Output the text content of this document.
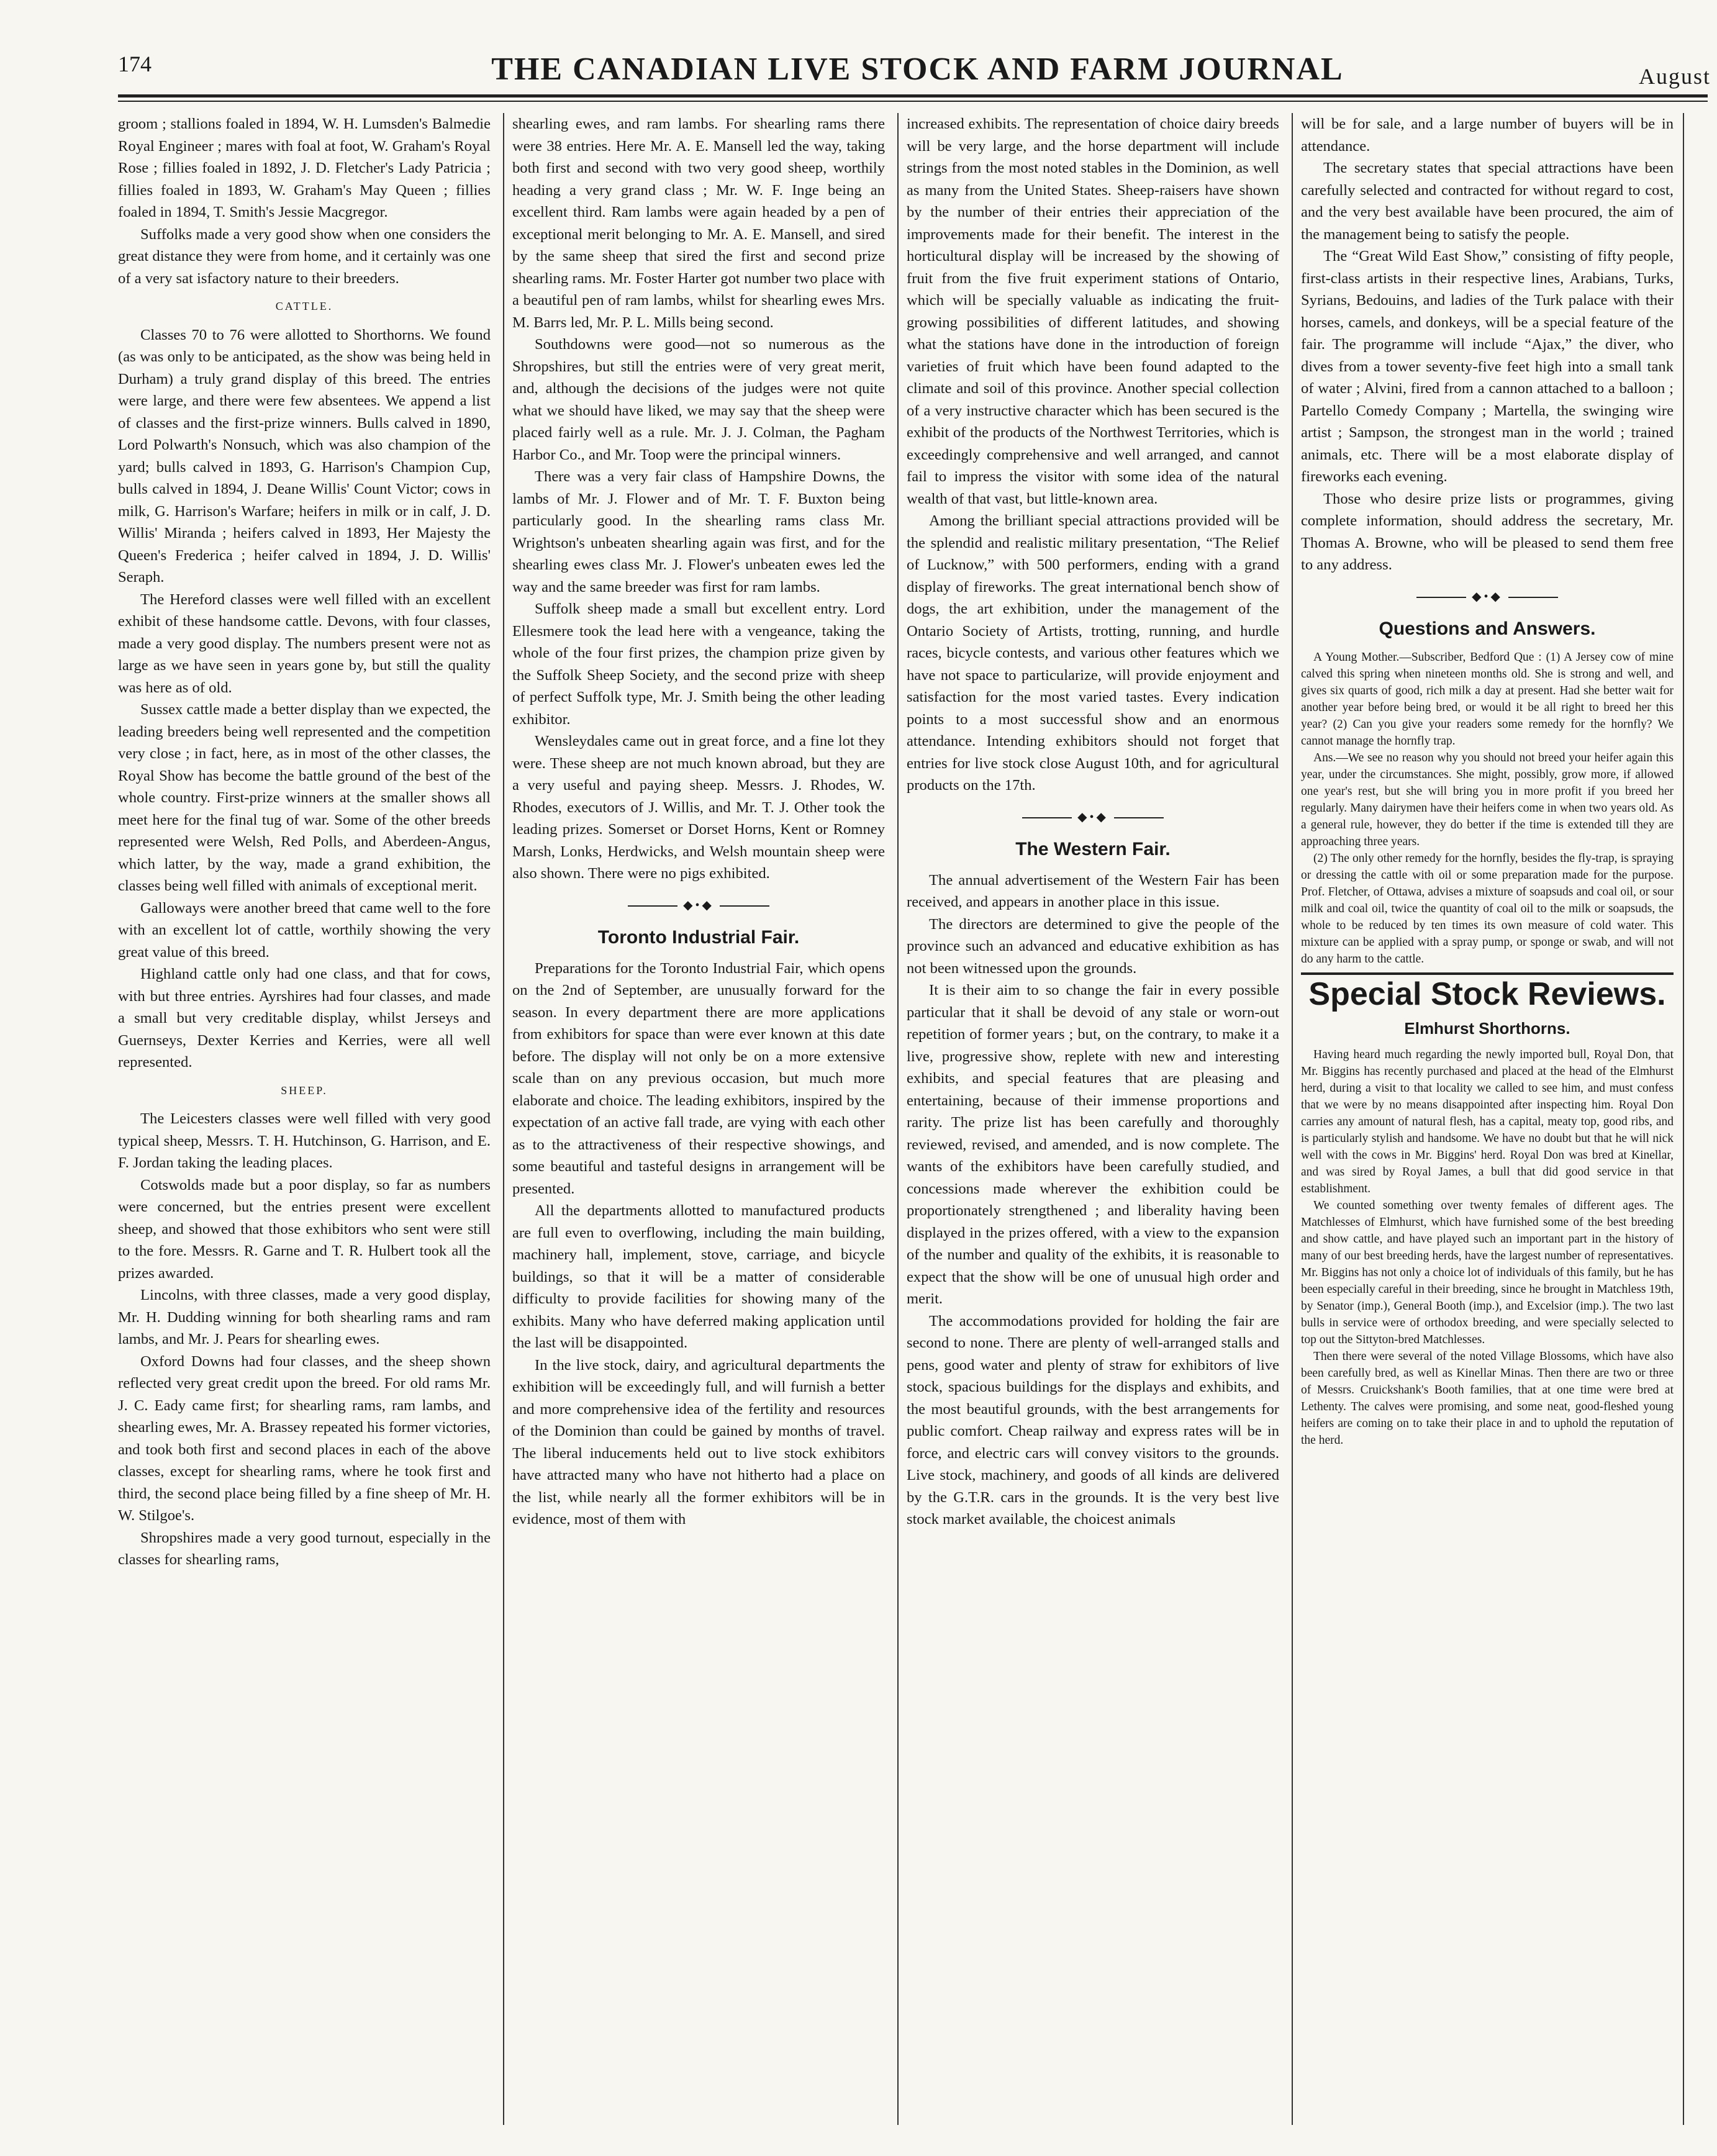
174	THE CANADIAN LIVE STOCK AND FARM JOURNAL	August

groom ; stallions foaled in 1894, W. H. Lumsden's Balmedie Royal Engineer ; mares with foal at foot, W. Graham's Royal Rose ; fillies foaled in 1892, J. D. Fletcher's Lady Patricia ; fillies foaled in 1893, W. Graham's May Queen ; fillies foaled in 1894, T. Smith's Jessie Macgregor.

Suffolks made a very good show when one considers the great distance they were from home, and it certainly was one of a very sat isfactory nature to their breeders.

CATTLE.

Classes 70 to 76 were allotted to Shorthorns. We found (as was only to be anticipated, as the show was being held in Durham) a truly grand display of this breed. The entries were large, and there were few absentees. We append a list of classes and the first-prize winners. Bulls calved in 1890, Lord Polwarth's Nonsuch, which was also champion of the yard; bulls calved in 1893, G. Harrison's Champion Cup, bulls calved in 1894, J. Deane Willis' Count Victor; cows in milk, G. Harrison's Warfare; heifers in milk or in calf, J. D. Willis' Miranda ; heifers calved in 1893, Her Majesty the Queen's Frederica ; heifer calved in 1894, J. D. Willis' Seraph.

The Hereford classes were well filled with an excellent exhibit of these handsome cattle. Devons, with four classes, made a very good display. The numbers present were not as large as we have seen in years gone by, but still the quality was here as of old.

Sussex cattle made a better display than we expected, the leading breeders being well represented and the competition very close ; in fact, here, as in most of the other classes, the Royal Show has become the battle ground of the best of the whole country. First-prize winners at the smaller shows all meet here for the final tug of war. Some of the other breeds represented were Welsh, Red Polls, and Aberdeen-Angus, which latter, by the way, made a grand exhibition, the classes being well filled with animals of exceptional merit.

Galloways were another breed that came well to the fore with an excellent lot of cattle, worthily showing the very great value of this breed.

Highland cattle only had one class, and that for cows, with but three entries. Ayrshires had four classes, and made a small but very creditable display, whilst Jerseys and Guernseys, Dexter Kerries and Kerries, were all well represented.

SHEEP.

The Leicesters classes were well filled with very good typical sheep, Messrs. T. H. Hutchinson, G. Harrison, and E. F. Jordan taking the leading places.

Cotswolds made but a poor display, so far as numbers were concerned, but the entries present were excellent sheep, and showed that those exhibitors who sent were still to the fore. Messrs. R. Garne and T. R. Hulbert took all the prizes awarded.

Lincolns, with three classes, made a very good display, Mr. H. Dudding winning for both shearling rams and ram lambs, and Mr. J. Pears for shearling ewes.

Oxford Downs had four classes, and the sheep shown reflected very great credit upon the breed. For old rams Mr. J. C. Eady came first; for shearling rams, ram lambs, and shearling ewes, Mr. A. Brassey repeated his former victories, and took both first and second places in each of the above classes, except for shearling rams, where he took first and third, the second place being filled by a fine sheep of Mr. H. W. Stilgoe's.

Shropshires made a very good turnout, especially in the classes for shearling rams,

shearling ewes, and ram lambs. For shearling rams there were 38 entries. Here Mr. A. E. Mansell led the way, taking both first and second with two very good sheep, worthily heading a very grand class ; Mr. W. F. Inge being an excellent third. Ram lambs were again headed by a pen of exceptional merit belonging to Mr. A. E. Mansell, and sired by the same sheep that sired the first and second prize shearling rams. Mr. Foster Harter got number two place with a beautiful pen of ram lambs, whilst for shearling ewes Mrs. M. Barrs led, Mr. P. L. Mills being second.

Southdowns were good—not so numerous as the Shropshires, but still the entries were of very great merit, and, although the decisions of the judges were not quite what we should have liked, we may say that the sheep were placed fairly well as a rule. Mr. J. J. Colman, the Pagham Harbor Co., and Mr. Toop were the principal winners.

There was a very fair class of Hampshire Downs, the lambs of Mr. J. Flower and of Mr. T. F. Buxton being particularly good. In the shearling rams class Mr. Wrightson's unbeaten shearling again was first, and for the shearling ewes class Mr. J. Flower's unbeaten ewes led the way and the same breeder was first for ram lambs.

Suffolk sheep made a small but excellent entry. Lord Ellesmere took the lead here with a vengeance, taking the whole of the four first prizes, the champion prize given by the Suffolk Sheep Society, and the second prize with sheep of perfect Suffolk type, Mr. J. Smith being the other leading exhibitor.

Wensleydales came out in great force, and a fine lot they were. These sheep are not much known abroad, but they are a very useful and paying sheep. Messrs. J. Rhodes, W. Rhodes, executors of J. Willis, and Mr. T. J. Other took the leading prizes. Somerset or Dorset Horns, Kent or Romney Marsh, Lonks, Herdwicks, and Welsh mountain sheep were also shown. There were no pigs exhibited.

◆•◆
Toronto Industrial Fair.

Preparations for the Toronto Industrial Fair, which opens on the 2nd of September, are unusually forward for the season. In every department there are more applications from exhibitors for space than were ever known at this date before. The display will not only be on a more extensive scale than on any previous occasion, but much more elaborate and choice. The leading exhibitors, inspired by the expectation of an active fall trade, are vying with each other as to the attractiveness of their respective showings, and some beautiful and tasteful designs in arrangement will be presented.

All the departments allotted to manufactured products are full even to overflowing, including the main building, machinery hall, implement, stove, carriage, and bicycle buildings, so that it will be a matter of considerable difficulty to provide facilities for showing many of the exhibits. Many who have deferred making application until the last will be disappointed.

In the live stock, dairy, and agricultural departments the exhibition will be exceedingly full, and will furnish a better and more comprehensive idea of the fertility and resources of the Dominion than could be gained by months of travel. The liberal inducements held out to live stock exhibitors have attracted many who have not hitherto had a place on the list, while nearly all the former exhibitors will be in evidence, most of them with

increased exhibits. The representation of choice dairy breeds will be very large, and the horse department will include strings from the most noted stables in the Dominion, as well as many from the United States. Sheep-raisers have shown by the number of their entries their appreciation of the improvements made for their benefit. The interest in the horticultural display will be increased by the showing of fruit from the five fruit experiment stations of Ontario, which will be specially valuable as indicating the fruit-growing possibilities of different latitudes, and showing what the stations have done in the introduction of foreign varieties of fruit which have been found adapted to the climate and soil of this province. Another special collection of a very instructive character which has been secured is the exhibit of the products of the Northwest Territories, which is exceedingly comprehensive and well arranged, and cannot fail to impress the visitor with some idea of the natural wealth of that vast, but little-known area.

Among the brilliant special attractions provided will be the splendid and realistic military presentation, “The Relief of Lucknow,” with 500 performers, ending with a grand display of fireworks. The great international bench show of dogs, the art exhibition, under the management of the Ontario Society of Artists, trotting, running, and hurdle races, bicycle contests, and various other features which we have not space to particularize, will provide enjoyment and satisfaction for the most varied tastes. Every indication points to a most successful show and an enormous attendance. Intending exhibitors should not forget that entries for live stock close August 10th, and for agricultural products on the 17th.

◆•◆
The Western Fair.

The annual advertisement of the Western Fair has been received, and appears in another place in this issue.

The directors are determined to give the people of the province such an advanced and educative exhibition as has not been witnessed upon the grounds.

It is their aim to so change the fair in every possible particular that it shall be devoid of any stale or worn-out repetition of former years ; but, on the contrary, to make it a live, progressive show, replete with new and interesting exhibits, and special features that are pleasing and entertaining, because of their immense proportions and rarity. The prize list has been carefully and thoroughly reviewed, revised, and amended, and is now complete. The wants of the exhibitors have been carefully studied, and concessions made wherever the exhibition could be proportionately strengthened ; and liberality having been displayed in the prizes offered, with a view to the expansion of the number and quality of the exhibits, it is reasonable to expect that the show will be one of unusual high order and merit.

The accommodations provided for holding the fair are second to none. There are plenty of well-arranged stalls and pens, good water and plenty of straw for exhibitors of live stock, spacious buildings for the displays and exhibits, and the most beautiful grounds, with the best arrangements for public comfort. Cheap railway and express rates will be in force, and electric cars will convey visitors to the grounds. Live stock, machinery, and goods of all kinds are delivered by the G.T.R. cars in the grounds. It is the very best live stock market available, the choicest animals

will be for sale, and a large number of buyers will be in attendance.

The secretary states that special attractions have been carefully selected and contracted for without regard to cost, and the very best available have been procured, the aim of the management being to satisfy the people.

The “Great Wild East Show,” consisting of fifty people, first-class artists in their respective lines, Arabians, Turks, Syrians, Bedouins, and ladies of the Turk palace with their horses, camels, and donkeys, will be a special feature of the fair. The programme will include “Ajax,” the diver, who dives from a tower seventy-five feet high into a small tank of water ; Alvini, fired from a cannon attached to a balloon ; Partello Comedy Company ; Martella, the swinging wire artist ; Sampson, the strongest man in the world ; trained animals, etc. There will be a most elaborate display of fireworks each evening.

Those who desire prize lists or programmes, giving complete information, should address the secretary, Mr. Thomas A. Browne, who will be pleased to send them free to any address.

◆•◆
Questions and Answers.

A Young Mother.—Subscriber, Bedford Que : (1) A Jersey cow of mine calved this spring when nineteen months old. She is strong and well, and gives six quarts of good, rich milk a day at present. Had she better wait for another year before being bred, or would it be all right to breed her this year? (2) Can you give your readers some remedy for the hornfly? We cannot manage the hornfly trap.

Ans.—We see no reason why you should not breed your heifer again this year, under the circumstances. She might, possibly, grow more, if allowed one year's rest, but she will bring you in more profit if you breed her regularly. Many dairymen have their heifers come in when two years old. As a general rule, however, they do better if the time is extended till they are approaching three years.

(2) The only other remedy for the hornfly, besides the fly-trap, is spraying or dressing the cattle with oil or some preparation made for the purpose. Prof. Fletcher, of Ottawa, advises a mixture of soapsuds and coal oil, or sour milk and coal oil, twice the quantity of coal oil to the milk or soapsuds, the whole to be reduced by ten times its own measure of cold water. This mixture can be applied with a spray pump, or sponge or swab, and will not do any harm to the cattle.

Special Stock Reviews.
Elmhurst Shorthorns.

Having heard much regarding the newly imported bull, Royal Don, that Mr. Biggins has recently purchased and placed at the head of the Elmhurst herd, during a visit to that locality we called to see him, and must confess that we were by no means disappointed after inspecting him. Royal Don carries any amount of natural flesh, has a capital, meaty top, good ribs, and is particularly stylish and handsome. We have no doubt but that he will nick well with the cows in Mr. Biggins' herd. Royal Don was bred at Kinellar, and was sired by Royal James, a bull that did good service in that establishment.

We counted something over twenty females of different ages. The Matchlesses of Elmhurst, which have furnished some of the best breeding and show cattle, and have played such an important part in the history of many of our best breeding herds, have the largest number of representatives. Mr. Biggins has not only a choice lot of individuals of this family, but he has been especially careful in their breeding, since he brought in Matchless 19th, by Senator (imp.), General Booth (imp.), and Excelsior (imp.). The two last bulls in service were of orthodox breeding, and were specially selected to top out the Sittyton-bred Matchlesses.

Then there were several of the noted Village Blossoms, which have also been carefully bred, as well as Kinellar Minas. Then there are two or three of Messrs. Cruickshank's Booth families, that at one time were bred at Lethenty. The calves were promising, and some neat, good-fleshed young heifers are coming on to take their place in and to uphold the reputation of the herd.
